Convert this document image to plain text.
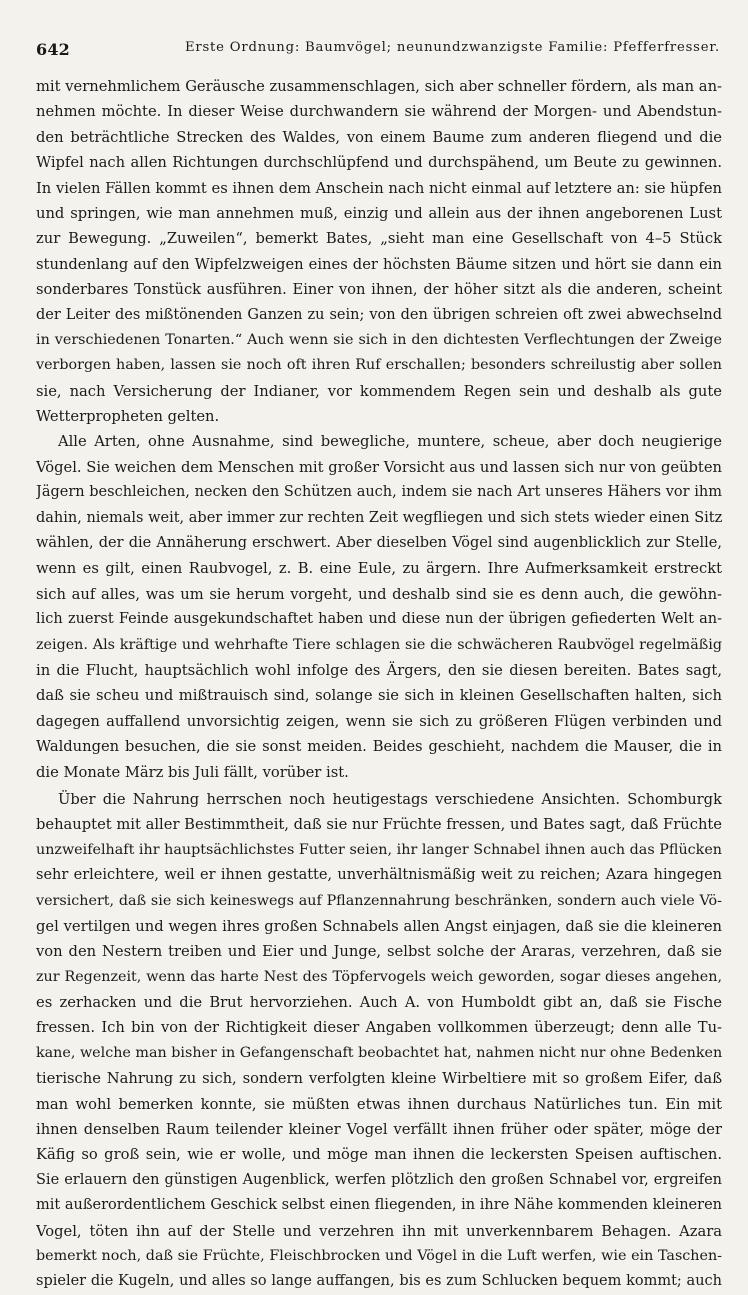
642	Erste Ordnung: Baumvögel; neunundzwanzigste Familie: Pfefferfresser.
mit vernehmlichem Geräusche zusammenschlagen, sich aber schneller fördern, als man an-
nehmen möchte. In dieser Weise durchwandern sie während der Morgen- und Abendstun-
den beträchtliche Strecken des Waldes, von einem Baume zum anderen fliegend und die
Wipfel nach allen Richtungen durchschlüpfend und durchspähend, um Beute zu gewinnen.
In vielen Fällen kommt es ihnen dem Anschein nach nicht einmal auf letztere an: sie hüpfen
und springen, wie man annehmen muß, einzig und allein aus der ihnen angeborenen Lust
zur Bewegung. „Zuweilen“, bemerkt Bates, „sieht man eine Gesellschaft von 4–5 Stück
stundenlang auf den Wipfelzweigen eines der höchsten Bäume sitzen und hört sie dann ein
sonderbares Tonstück ausführen. Einer von ihnen, der höher sitzt als die anderen, scheint
der Leiter des mißtönenden Ganzen zu sein; von den übrigen schreien oft zwei abwechselnd
in verschiedenen Tonarten.“ Auch wenn sie sich in den dichtesten Verflechtungen der Zweige
verborgen haben, lassen sie noch oft ihren Ruf erschallen; besonders schreilustig aber sollen
sie, nach Versicherung der Indianer, vor kommendem Regen sein und deshalb als gute
Wetterpropheten gelten.
Alle Arten, ohne Ausnahme, sind bewegliche, muntere, scheue, aber doch neugierige
Vögel. Sie weichen dem Menschen mit großer Vorsicht aus und lassen sich nur von geübten
Jägern beschleichen, necken den Schützen auch, indem sie nach Art unseres Hähers vor ihm
dahin, niemals weit, aber immer zur rechten Zeit wegfliegen und sich stets wieder einen Sitz
wählen, der die Annäherung erschwert. Aber dieselben Vögel sind augenblicklich zur Stelle,
wenn es gilt, einen Raubvogel, z. B. eine Eule, zu ärgern. Ihre Aufmerksamkeit erstreckt
sich auf alles, was um sie herum vorgeht, und deshalb sind sie es denn auch, die gewöhn-
lich zuerst Feinde ausgekundschaftet haben und diese nun der übrigen gefiederten Welt an-
zeigen. Als kräftige und wehrhafte Tiere schlagen sie die schwächeren Raubvögel regelmäßig
in die Flucht, hauptsächlich wohl infolge des Ärgers, den sie diesen bereiten. Bates sagt,
daß sie scheu und mißtrauisch sind, solange sie sich in kleinen Gesellschaften halten, sich
dagegen auffallend unvorsichtig zeigen, wenn sie sich zu größeren Flügen verbinden und
Waldungen besuchen, die sie sonst meiden. Beides geschieht, nachdem die Mauser, die in
die Monate März bis Juli fällt, vorüber ist.
Über die Nahrung herrschen noch heutigestags verschiedene Ansichten. Schomburgk
behauptet mit aller Bestimmtheit, daß sie nur Früchte fressen, und Bates sagt, daß Früchte
unzweifelhaft ihr hauptsächlichstes Futter seien, ihr langer Schnabel ihnen auch das Pflücken
sehr erleichtere, weil er ihnen gestatte, unverhältnismäßig weit zu reichen; Azara hingegen
versichert, daß sie sich keineswegs auf Pflanzennahrung beschränken, sondern auch viele Vö-
gel vertilgen und wegen ihres großen Schnabels allen Angst einjagen, daß sie die kleineren
von den Nestern treiben und Eier und Junge, selbst solche der Araras, verzehren, daß sie
zur Regenzeit, wenn das harte Nest des Töpfervogels weich geworden, sogar dieses angehen,
es zerhacken und die Brut hervorziehen. Auch A. von Humboldt gibt an, daß sie Fische
fressen. Ich bin von der Richtigkeit dieser Angaben vollkommen überzeugt; denn alle Tu-
kane, welche man bisher in Gefangenschaft beobachtet hat, nahmen nicht nur ohne Bedenken
tierische Nahrung zu sich, sondern verfolgten kleine Wirbeltiere mit so großem Eifer, daß
man wohl bemerken konnte, sie müßten etwas ihnen durchaus Natürliches tun. Ein mit
ihnen denselben Raum teilender kleiner Vogel verfällt ihnen früher oder später, möge der
Käfig so groß sein, wie er wolle, und möge man ihnen die leckersten Speisen auftischen.
Sie erlauern den günstigen Augenblick, werfen plötzlich den großen Schnabel vor, ergreifen
mit außerordentlichem Geschick selbst einen fliegenden, in ihre Nähe kommenden kleineren
Vogel, töten ihn auf der Stelle und verzehren ihn mit unverkennbarem Behagen. Azara
bemerkt noch, daß sie Früchte, Fleischbrocken und Vögel in die Luft werfen, wie ein Taschen-
spieler die Kugeln, und alles so lange auffangen, bis es zum Schlucken bequem kommt; auch
